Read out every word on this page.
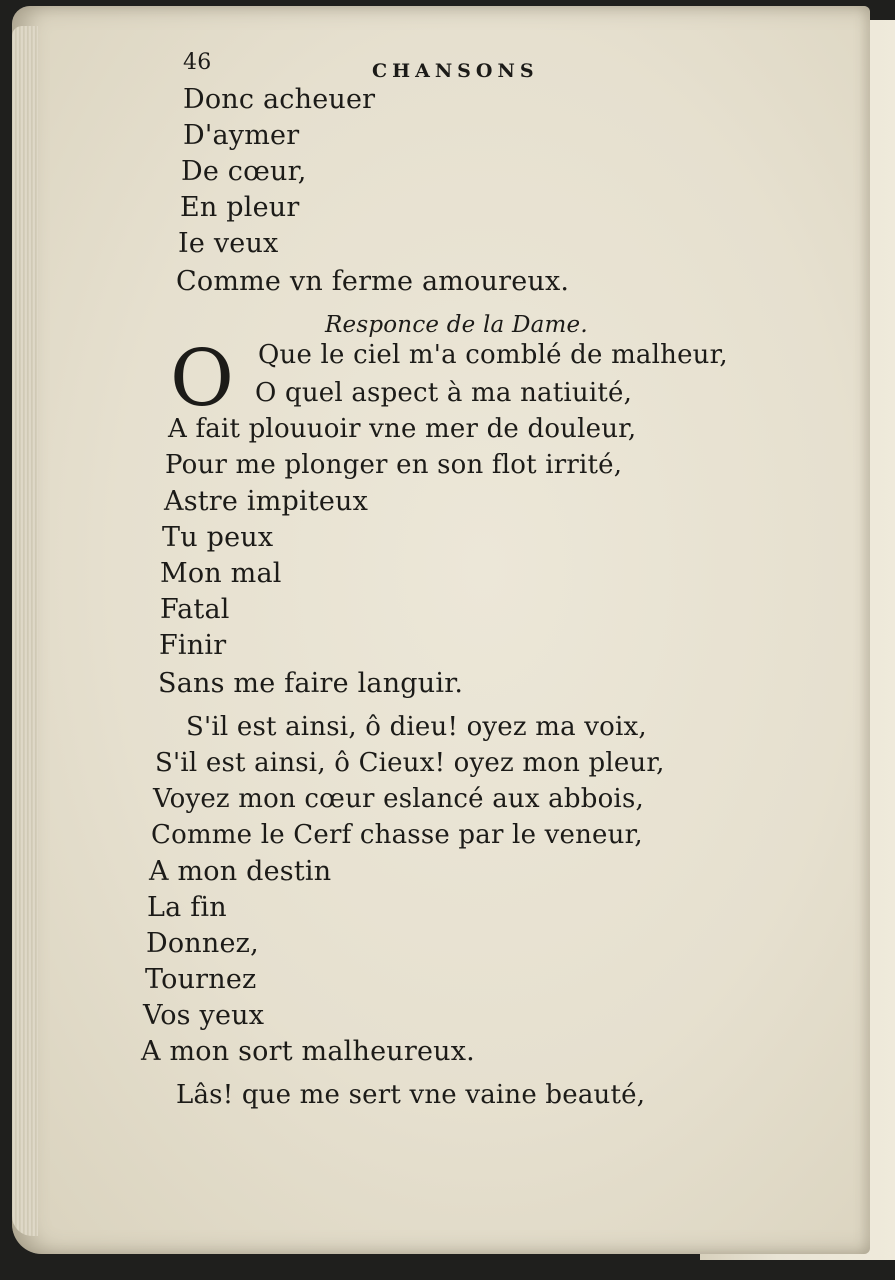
46	CHANSONS
Donc acheuer
D'aymer
De cœur,
En pleur
Ie veux
Comme vn ferme amoureux.
Responce de la Dame.
O Que le ciel m'a comblé de malheur,
O quel aspect à ma natiuité,
A fait plouuoir vne mer de douleur,
Pour me plonger en son flot irrité,
Astre impiteux
Tu peux
Mon mal
Fatal
Finir
Sans me faire languir.
S'il est ainsi, ô dieu! oyez ma voix,
S'il est ainsi, ô Cieux! oyez mon pleur,
Voyez mon cœur eslancé aux abbois,
Comme le Cerf chasse par le veneur,
A mon destin
La fin
Donnez,
Tournez
Vos yeux
A mon sort malheureux.
Lâs! que me sert vne vaine beauté,
